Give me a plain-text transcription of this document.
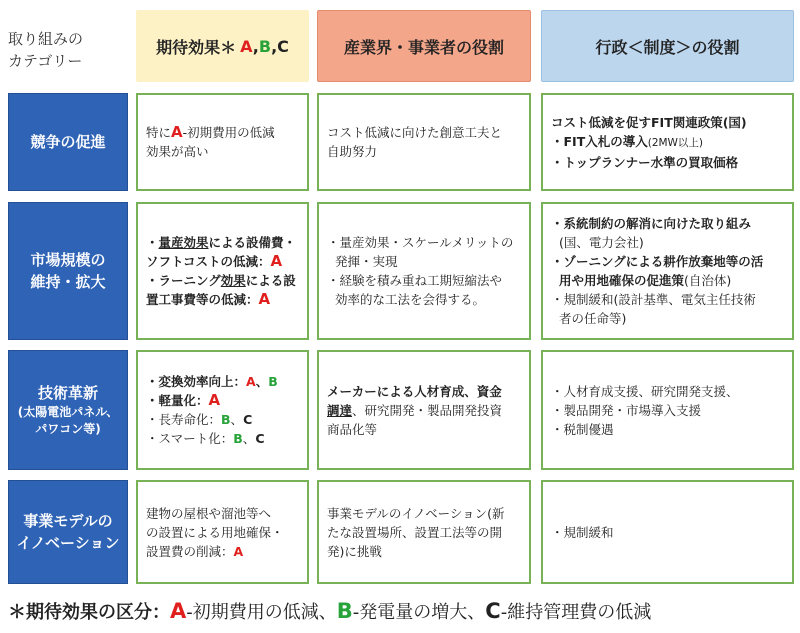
取り組みの
カテゴリー
期待効果＊ A,B,C	産業界・事業者の役割	行政＜制度＞の役割
競争の促進
市場規模の
維持・拡大
技術革新
(太陽電池パネル、
パワコン等)
事業モデルの
イノベーション
特にA-初期費用の低減
効果が高い
コスト低減に向けた創意工夫と
自助努力
コスト低減を促すFIT関連政策(国)
・FIT入札の導入(2MW以上)
・トップランナー水準の買取価格
・量産効果による設備費・
ソフトコストの低減：A
・ラーニング効果による設
置工事費等の低減：A
・量産効果・スケールメリットの
発揮・実現
・経験を積み重ね工期短縮法や
効率的な工法を会得する。
・系統制約の解消に向けた取り組み
(国、電力会社)
・ゾーニングによる耕作放棄地等の活
用や用地確保の促進策(自治体)
・規制緩和(設計基準、電気主任技術
者の任命等)
・変換効率向上：A、B
・軽量化：A
・長寿命化：B、C
・スマート化：B、C
メーカーによる人材育成、資金
調達、研究開発・製品開発投資
商品化等
・人材育成支援、研究開発支援、
・製品開発・市場導入支援
・税制優遇
建物の屋根や溜池等へ
の設置による用地確保・
設置費の削減：A
事業モデルのイノベーション(新
たな設置場所、設置工法等の開
発)に挑戦
・規制緩和
＊期待効果の区分：A-初期費用の低減、B-発電量の増大、C-維持管理費の低減
